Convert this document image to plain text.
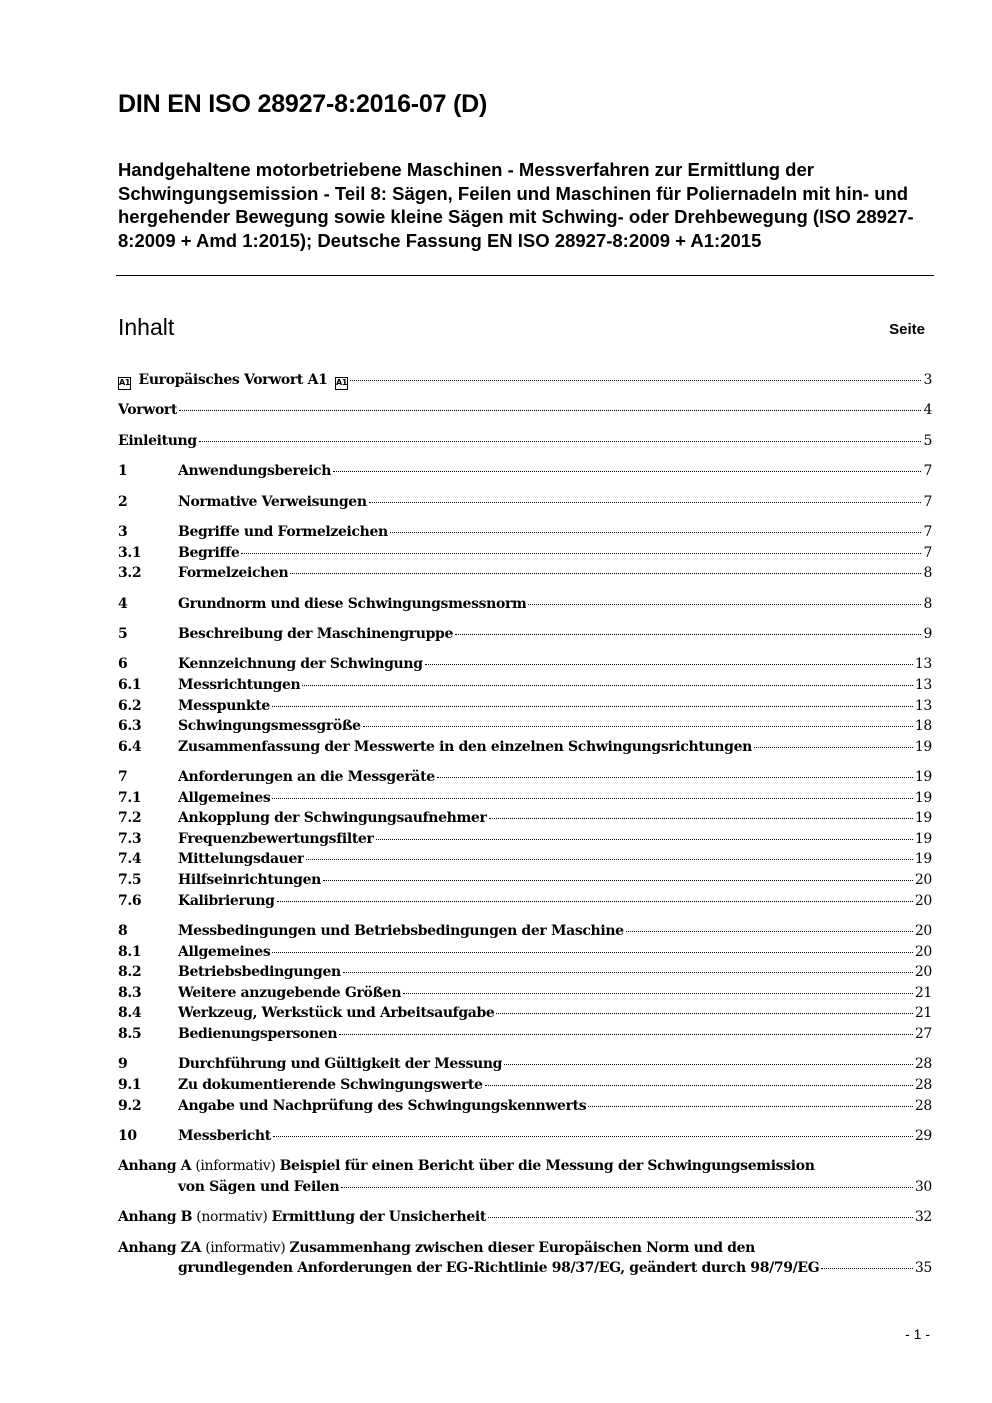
DIN EN ISO 28927-8:2016-07 (D)
Handgehaltene motorbetriebene Maschinen - Messverfahren zur Ermittlung der Schwingungsemission - Teil 8: Sägen, Feilen und Maschinen für Poliernadeln mit hin- und hergehender Bewegung sowie kleine Sägen mit Schwing- oder Drehbewegung (ISO 28927-8:2009 + Amd 1:2015); Deutsche Fassung EN ISO 28927-8:2009 + A1:2015
Inhalt	Seite
A1 Europäisches Vorwort A1 A1	3
Vorwort	4
Einleitung	5
1	Anwendungsbereich	7
2	Normative Verweisungen	7
3	Begriffe und Formelzeichen	7
3.1	Begriffe	7
3.2	Formelzeichen	8
4	Grundnorm und diese Schwingungsmessnorm	8
5	Beschreibung der Maschinengruppe	9
6	Kennzeichnung der Schwingung	13
6.1	Messrichtungen	13
6.2	Messpunkte	13
6.3	Schwingungsmessgröße	18
6.4	Zusammenfassung der Messwerte in den einzelnen Schwingungsrichtungen	19
7	Anforderungen an die Messgeräte	19
7.1	Allgemeines	19
7.2	Ankopplung der Schwingungsaufnehmer	19
7.3	Frequenzbewertungsfilter	19
7.4	Mittelungsdauer	19
7.5	Hilfseinrichtungen	20
7.6	Kalibrierung	20
8	Messbedingungen und Betriebsbedingungen der Maschine	20
8.1	Allgemeines	20
8.2	Betriebsbedingungen	20
8.3	Weitere anzugebende Größen	21
8.4	Werkzeug, Werkstück und Arbeitsaufgabe	21
8.5	Bedienungspersonen	27
9	Durchführung und Gültigkeit der Messung	28
9.1	Zu dokumentierende Schwingungswerte	28
9.2	Angabe und Nachprüfung des Schwingungskennwerts	28
10	Messbericht	29
Anhang A (informativ) Beispiel für einen Bericht über die Messung der Schwingungsemission
von Sägen und Feilen	30
Anhang B (normativ) Ermittlung der Unsicherheit	32
Anhang ZA (informativ) Zusammenhang zwischen dieser Europäischen Norm und den
grundlegenden Anforderungen der EG-Richtlinie 98/37/EG, geändert durch 98/79/EG	35
- 1 -
